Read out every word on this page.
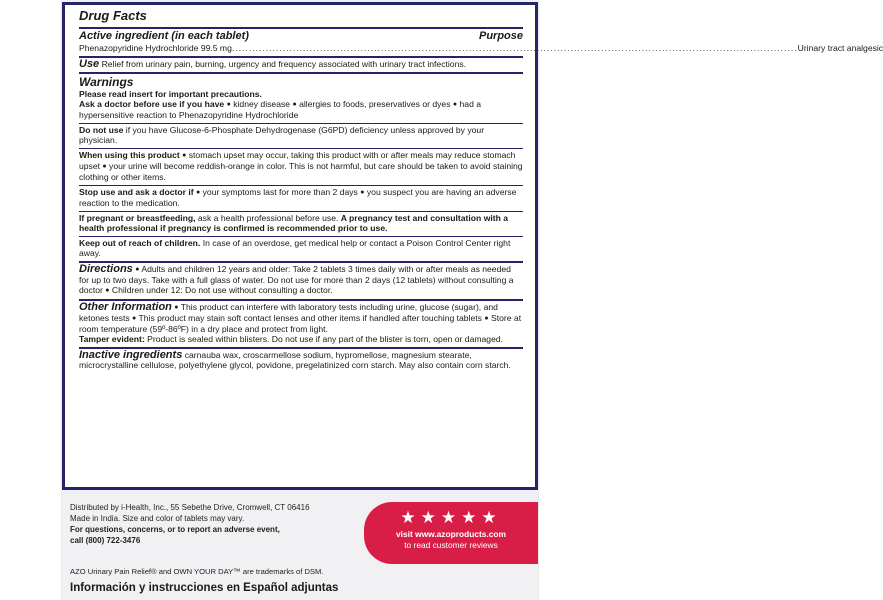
Drug Facts
Active ingredient (in each tablet)	Purpose
Phenazopyridine Hydrochloride 99.5 mg ....................................................................................................................................................................... Urinary tract analgesic
Use Relief from urinary pain, burning, urgency and frequency associated with urinary tract infections.
Warnings
Please read insert for important precautions.
Ask a doctor before use if you have ● kidney disease ● allergies to foods, preservatives or dyes ● had a hypersensitive reaction to Phenazopyridine Hydrochloride
Do not use if you have Glucose-6-Phosphate Dehydrogenase (G6PD) deficiency unless approved by your physician.
When using this product ● stomach upset may occur, taking this product with or after meals may reduce stomach upset ● your urine will become reddish-orange in color. This is not harmful, but care should be taken to avoid staining clothing or other items.
Stop use and ask a doctor if ● your symptoms last for more than 2 days ● you suspect you are having an adverse reaction to the medication.
If pregnant or breastfeeding, ask a health professional before use. A pregnancy test and consultation with a health professional if pregnancy is confirmed is recommended prior to use.
Keep out of reach of children. In case of an overdose, get medical help or contact a Poison Control Center right away.
Directions ● Adults and children 12 years and older: Take 2 tablets 3 times daily with or after meals as needed for up to two days. Take with a full glass of water. Do not use for more than 2 days (12 tablets) without consulting a doctor ● Children under 12: Do not use without consulting a doctor.
Other Information ● This product can interfere with laboratory tests including urine, glucose (sugar), and ketones tests ● This product may stain soft contact lenses and other items if handled after touching tablets ● Store at room temperature (59º-86ºF) in a dry place and protect from light.
Tamper evident: Product is sealed within blisters. Do not use if any part of the blister is torn, open or damaged.
Inactive ingredients carnauba wax, croscarmellose sodium, hypromellose, magnesium stearate, microcrystalline cellulose, polyethylene glycol, povidone, pregelatinized corn starch. May also contain corn starch.
Distributed by i-Health, Inc., 55 Sebethe Drive, Cromwell, CT 06416
Made in India. Size and color of tablets may vary.
For questions, concerns, or to report an adverse event,
call (800) 722-3476
AZO Urinary Pain Relief® and OWN YOUR DAY™ are trademarks of DSM.
Información y instrucciones en Español adjuntas
★★★★★
visit www.azoproducts.com
to read customer reviews
